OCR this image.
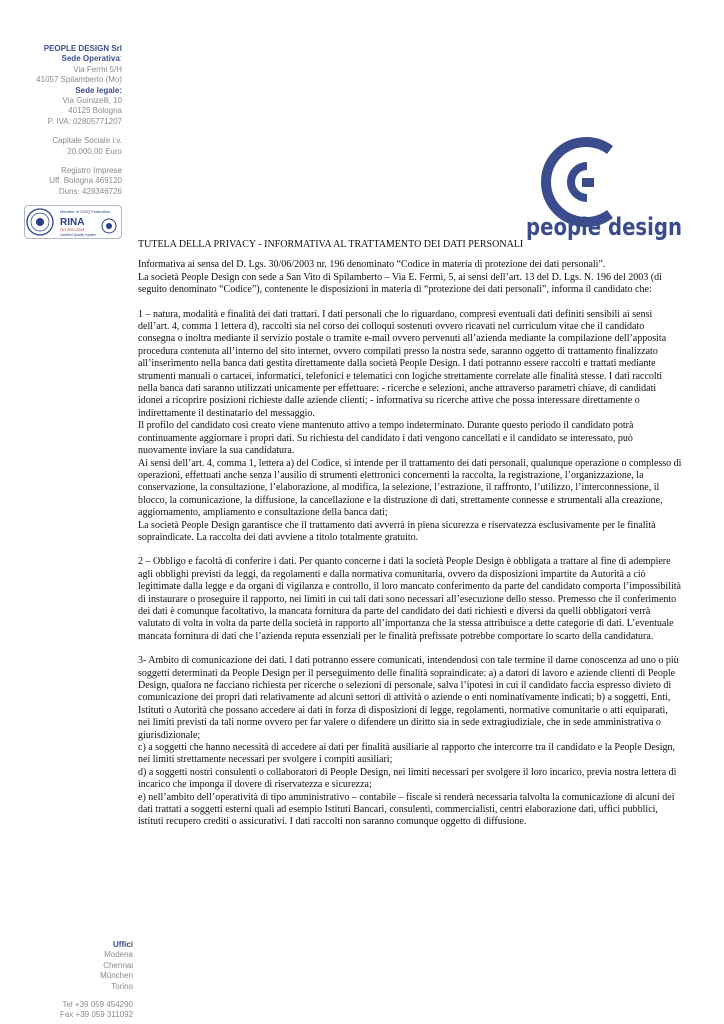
PEOPLE DESIGN Srl
Sede Operativa:
Via Fermi 5/H
41057 Spilamberto (Mo)
Sede legale:
Via Guinizelli, 10
40125 Bologna
P. IVA: 02805771207
Capitale Sociale i.v.
20.000,00 Euro
Registro Imprese
Uff. Bologna 469120
Duns: 428346726
Member of CISQ Federation
RINA
ISO 9001:2008
Certified Quality System	people design

TUTELA DELLA PRIVACY - INFORMATIVA AL TRATTAMENTO DEI DATI PERSONALI

Informativa ai sensa del D. Lgs. 30/06/2003 nr. 196 denominato “Codice in materia di protezione dei dati personali”.

La società People Design con sede a San Vito di Spilamberto – Via E. Fermi, 5, ai sensi dell’art. 13 del D. Lgs. N. 196 del 2003 (di seguito denominato “Codice”), contenente le disposizioni in materia di “protezione dei dati personali”, informa il candidato che:

1 – natura, modalità e finalità dei dati trattari. I dati personali che lo riguardano, compresi eventuali dati definiti sensibili ai sensi dell’art. 4, comma 1 lettera d), raccolti sia nel corso dei colloqui sostenuti ovvero ricavati nel curriculum vitae che il candidato consegna o inoltra mediante il servizio postale o tramite e-mail ovvero pervenuti all’azienda mediante la compilazione dell’apposita procedura contenuta all’interno del sito internet, ovvero compilati presso la nostra sede, saranno oggetto di trattamento finalizzato all’inserimento nella banca dati gestita direttamente dalla società People Design. I dati potranno essere raccolti e trattati mediante strumenti manuali o cartacei, informatici, telefonici e telematici con logiche strettamente correlate alle finalità stesse. I dati raccolti nella banca dati saranno utilizzati unicamente per effettuare: - ricerche e selezioni, anche attraverso parametri chiave, di candidati idonei a ricoprire posizioni richieste dalle aziende clienti; - informativa su ricerche attive che possa interessare direttamente o indirettamente il destinatario del messaggio.

Il profilo del candidato così creato viene mantenuto attivo a tempo indeterminato. Durante questo periodo il candidato potrà continuamente aggiornare i propri dati. Su richiesta del candidato i dati vengono cancellati e il candidato se interessato, può nuovamente inviare la sua candidatura.

Ai sensi dell’art. 4, comma 1, lettera a) del Codice, si intende per il trattamento dei dati personali, qualunque operazione o complesso di operazioni, effettuati anche senza l’ausilio di strumenti elettronici concernenti la raccolta, la registrazione, l’organizzazione, la conservazione, la consultazione, l’elaborazione, al modifica, la selezione, l’estrazione, il raffronto, l’utilizzo, l’interconnessione, il blocco, la comunicazione, la diffusione, la cancellazione e la distruzione di dati, strettamente connesse e strumentali alla creazione, aggiornamento, ampliamento e consultazione della banca dati;

La società People Design garantisce che il trattamento dati avverrà in piena sicurezza e riservatezza esclusivamente per le finalità sopraindicate. La raccolta dei dati avviene a titolo totalmente gratuito.

2 – Obbligo e facoltà di conferire i dati. Per quanto concerne i dati la società People Design è obbligata a trattare al fine di adempiere agli obblighi previsti da leggi, da regolamenti e dalla normativa comunitaria, ovvero da disposizioni impartite da Autorità a ciò legittimate dalla legge e da organi di vigilanza e controllo, il loro mancato conferimento da parte del candidato comporta l’impossibilità di instaurare o proseguire il rapporto, nei limiti in cui tali dati sono necessari all’esecuzione dello stesso. Premesso che il conferimento dei dati è comunque facoltativo, la mancata fornitura da parte del candidato dei dati richiesti e diversi da quelli obbligatori verrà valutato di volta in volta da parte della società in rapporto all’importanza che la stessa attribuisce a dette categorie di dati. L’eventuale mancata fornitura di dati che l’azienda reputa essenziali per le finalità prefissate potrebbe comportare lo scarto della candidatura.

3- Ambito di comunicazione dei dati. I dati potranno essere comunicati, intendendosi con tale termine il darne conoscenza ad uno o più soggetti determinati da People Design per il perseguimento delle finalità sopraindicate: a) a datori di lavoro e aziende clienti di People Design, qualora ne facciano richiesta per ricerche o selezioni di personale, salva l’ipotesi in cui il candidato faccia espresso divieto di comunicazione dei propri dati relativamente ad alcuni settori di attività o aziende o enti nominativamente indicati; b) a soggetti, Enti, Istituti o Autorità che possano accedere ai dati in forza di disposizioni di legge, regolamenti, normative comunitarie o atti equiparati, nei limiti previsti da tali norme ovvero per far valere o difendere un diritto sia in sede extragiudiziale, che in sede amministrativa o giurisdizionale;

c) a soggetti che hanno necessità di accedere ai dati per finalità ausiliarie al rapporto che intercorre tra il candidato e la People Design, nei limiti strettamente necessari per svolgere i compiti ausiliari;

d) a soggetti nostri consulenti o collaboratori di People Design, nei limiti necessari per svolgere il loro incarico, previa nostra lettera di incarico che imponga il dovere di riservatezza e sicurezza;

e) nell’ambito dell’operatività di tipo amministrativo – contabile – fiscale si renderà necessaria talvolta la comunicazione di alcuni dei dati trattati a soggetti esterni quali ad esempio Istituti Bancari, consulenti, commercialisti, centri elaborazione dati, uffici pubblici, istituti recupero crediti o assicurativi. I dati raccolti non saranno comunque oggetto di diffusione.

Uffici
Modena
Chennai
München
Torino
Tel +39 059 454290
Fax +39 059 311092
